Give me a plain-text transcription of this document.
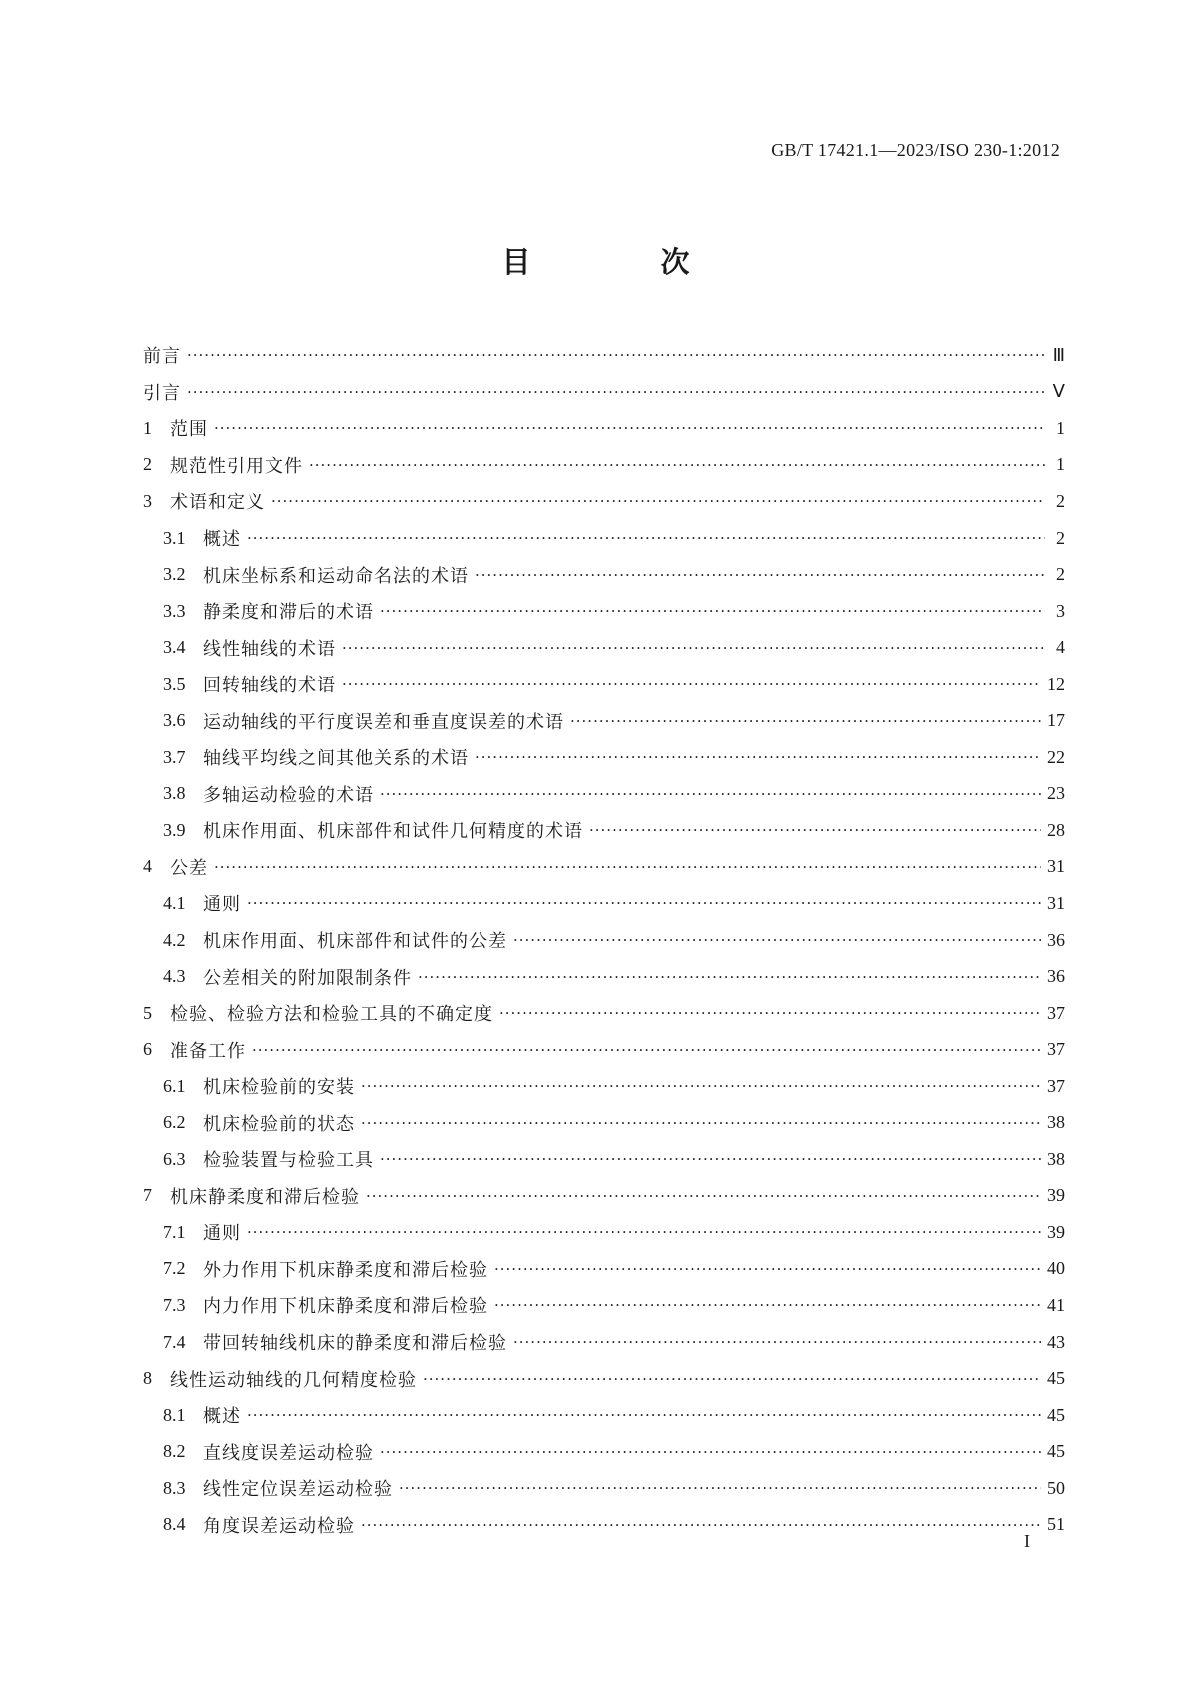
GB/T 17421.1—2023/ISO 230-1:2012
目 次
前言 ·····	Ⅲ
引言 ·····	Ⅴ
1	范围 ·····	1
2	规范性引用文件 ·····	1
3	术语和定义 ·····	2
3.1 概述 ·····	2
3.2 机床坐标系和运动命名法的术语 ·····	2
3.3 静柔度和滞后的术语 ·····	3
3.4 线性轴线的术语 ·····	4
3.5 回转轴线的术语 ·····	12
3.6 运动轴线的平行度误差和垂直度误差的术语 ·····	17
3.7 轴线平均线之间其他关系的术语 ·····	22
3.8 多轴运动检验的术语 ·····	23
3.9 机床作用面、机床部件和试件几何精度的术语 ·····	28
4	公差 ·····	31
4.1 通则 ·····	31
4.2 机床作用面、机床部件和试件的公差 ·····	36
4.3 公差相关的附加限制条件 ·····	36
5	检验、检验方法和检验工具的不确定度 ·····	37
6	准备工作 ·····	37
6.1 机床检验前的安装 ·····	37
6.2 机床检验前的状态 ·····	38
6.3 检验装置与检验工具 ·····	38
7	机床静柔度和滞后检验 ·····	39
7.1 通则 ·····	39
7.2 外力作用下机床静柔度和滞后检验 ·····	40
7.3 内力作用下机床静柔度和滞后检验 ·····	41
7.4 带回转轴线机床的静柔度和滞后检验 ·····	43
8	线性运动轴线的几何精度检验 ·····	45
8.1 概述 ·····	45
8.2 直线度误差运动检验 ·····	45
8.3 线性定位误差运动检验 ·····	50
8.4 角度误差运动检验 ·····	51
I
